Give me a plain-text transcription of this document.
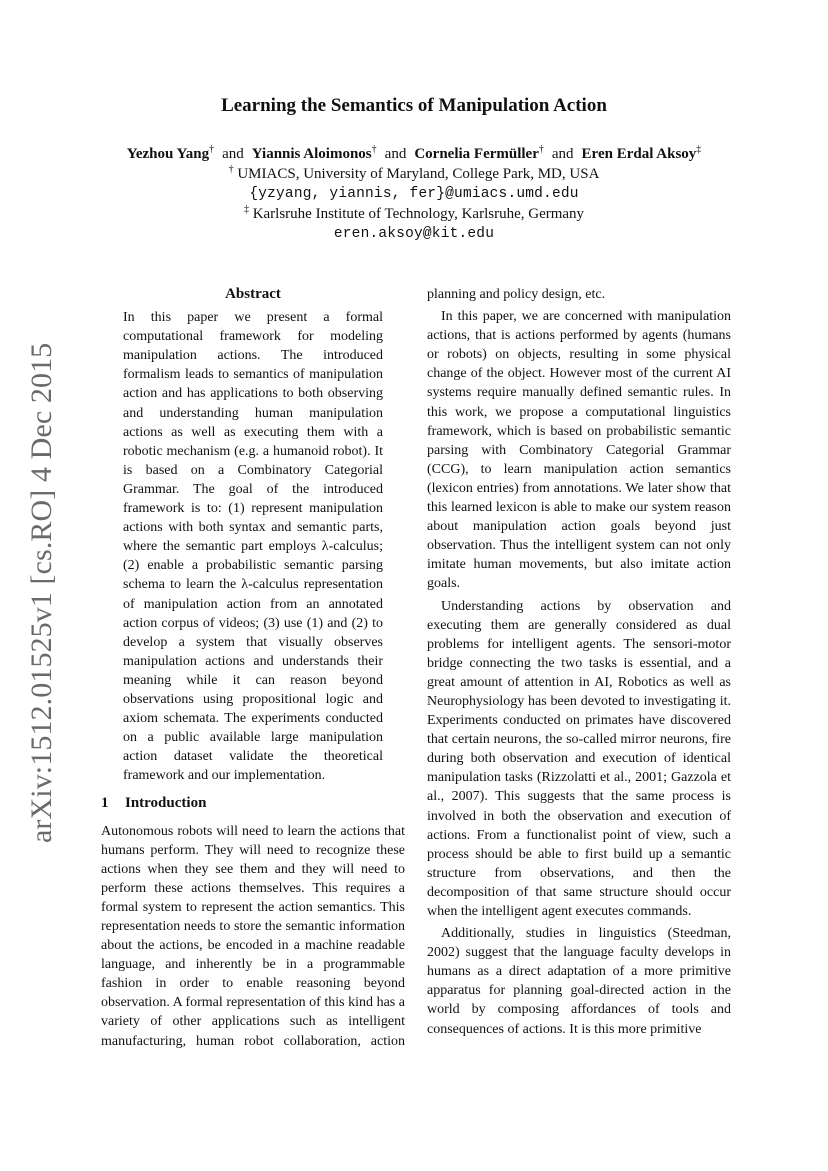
arXiv:1512.01525v1 [cs.RO] 4 Dec 2015
Learning the Semantics of Manipulation Action
Yezhou Yang† and Yiannis Aloimonos† and Cornelia Fermüller† and Eren Erdal Aksoy‡
† UMIACS, University of Maryland, College Park, MD, USA
{yzyang, yiannis, fer}@umiacs.umd.edu
‡ Karlsruhe Institute of Technology, Karlsruhe, Germany
eren.aksoy@kit.edu
Abstract

In this paper we present a formal computational framework for modeling manipulation actions. The introduced formalism leads to semantics of manipulation action and has applications to both observing and understanding human manipulation actions as well as executing them with a robotic mechanism (e.g. a humanoid robot). It is based on a Combinatory Categorial Grammar. The goal of the introduced framework is to: (1) represent manipulation actions with both syntax and semantic parts, where the semantic part employs λ-calculus; (2) enable a probabilistic semantic parsing schema to learn the λ-calculus representation of manipulation action from an annotated action corpus of videos; (3) use (1) and (2) to develop a system that visually observes manipulation actions and understands their meaning while it can reason beyond observations using propositional logic and axiom schemata. The experiments conducted on a public available large manipulation action dataset validate the theoretical framework and our implementation.

1 Introduction

Autonomous robots will need to learn the actions that humans perform. They will need to recognize these actions when they see them and they will need to perform these actions themselves. This requires a formal system to represent the action semantics. This representation needs to store the semantic information about the actions, be encoded in a machine readable language, and inherently be in a programmable fashion in order to enable reasoning beyond observation. A formal representation of this kind has a variety of other applications such as intelligent manufacturing, human robot collaboration, action

planning and policy design, etc.

In this paper, we are concerned with manipulation actions, that is actions performed by agents (humans or robots) on objects, resulting in some physical change of the object. However most of the current AI systems require manually defined semantic rules. In this work, we propose a computational linguistics framework, which is based on probabilistic semantic parsing with Combinatory Categorial Grammar (CCG), to learn manipulation action semantics (lexicon entries) from annotations. We later show that this learned lexicon is able to make our system reason about manipulation action goals beyond just observation. Thus the intelligent system can not only imitate human movements, but also imitate action goals.

Understanding actions by observation and executing them are generally considered as dual problems for intelligent agents. The sensori-motor bridge connecting the two tasks is essential, and a great amount of attention in AI, Robotics as well as Neurophysiology has been devoted to investigating it. Experiments conducted on primates have discovered that certain neurons, the so-called mirror neurons, fire during both observation and execution of identical manipulation tasks (Rizzolatti et al., 2001; Gazzola et al., 2007). This suggests that the same process is involved in both the observation and execution of actions. From a functionalist point of view, such a process should be able to first build up a semantic structure from observations, and then the decomposition of that same structure should occur when the intelligent agent executes commands.

Additionally, studies in linguistics (Steedman, 2002) suggest that the language faculty develops in humans as a direct adaptation of a more primitive apparatus for planning goal-directed action in the world by composing affordances of tools and consequences of actions. It is this more primitive
